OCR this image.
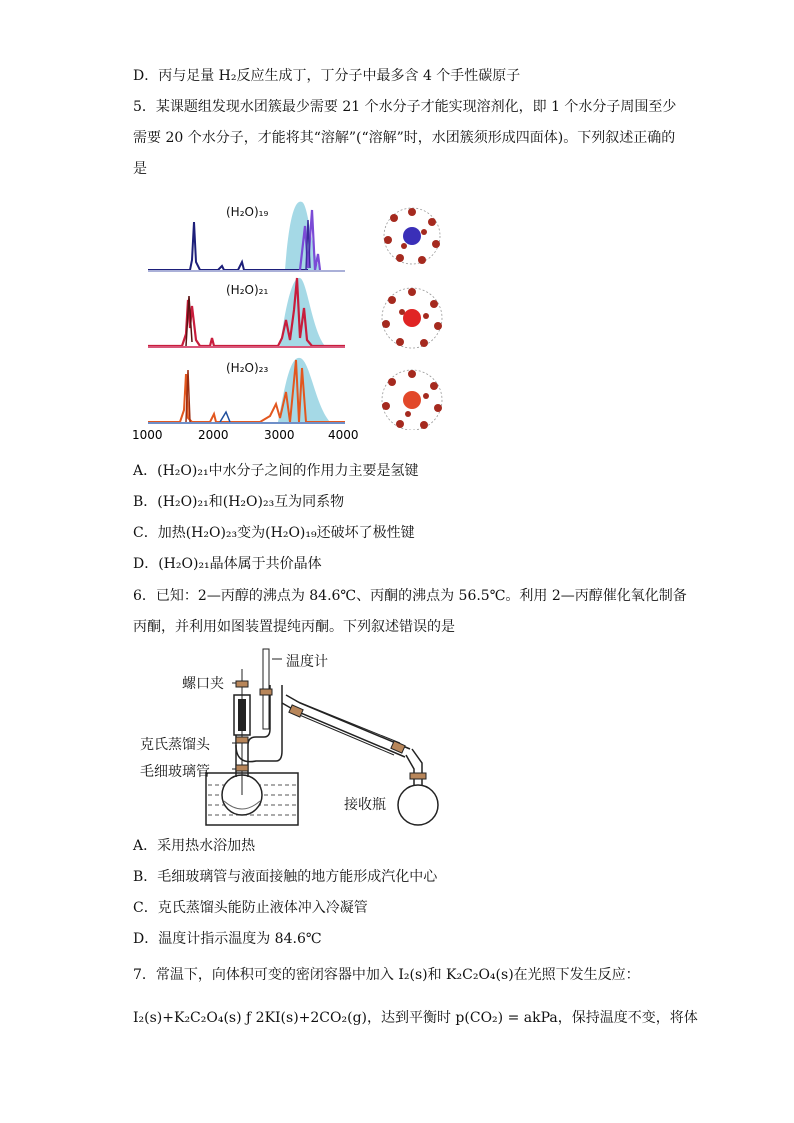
D．丙与足量 H₂反应生成丁，丁分子中最多含 4 个手性碳原子
5．某课题组发现水团簇最少需要 21 个水分子才能实现溶剂化，即 1 个水分子周围至少
需要 20 个水分子，才能将其“溶解”(“溶解”时，水团簇须形成四面体)。下列叙述正确的
是
(H₂O)₁₉
(H₂O)₂₁
(H₂O)₂₃
1000	2000	3000	4000
A．(H₂O)₂₁中水分子之间的作用力主要是氢键
B．(H₂O)₂₁和(H₂O)₂₃互为同系物
C．加热(H₂O)₂₃变为(H₂O)₁₉还破坏了极性键
D．(H₂O)₂₁晶体属于共价晶体
6．已知：2—丙醇的沸点为 84.6℃、丙酮的沸点为 56.5℃。利用 2—丙醇催化氧化制备
丙酮，并利用如图装置提纯丙酮。下列叙述错误的是
温度计
螺口夹
克氏蒸馏头
毛细玻璃管
接收瓶
A．采用热水浴加热
B．毛细玻璃管与液面接触的地方能形成汽化中心
C．克氏蒸馏头能防止液体冲入冷凝管
D．温度计指示温度为 84.6℃
7．常温下，向体积可变的密闭容器中加入 I₂(s)和 K₂C₂O₄(s)在光照下发生反应：
I₂(s)+K₂C₂O₄(s) ƒ 2KI(s)+2CO₂(g)，达到平衡时 p(CO₂) = akPa，保持温度不变，将体
